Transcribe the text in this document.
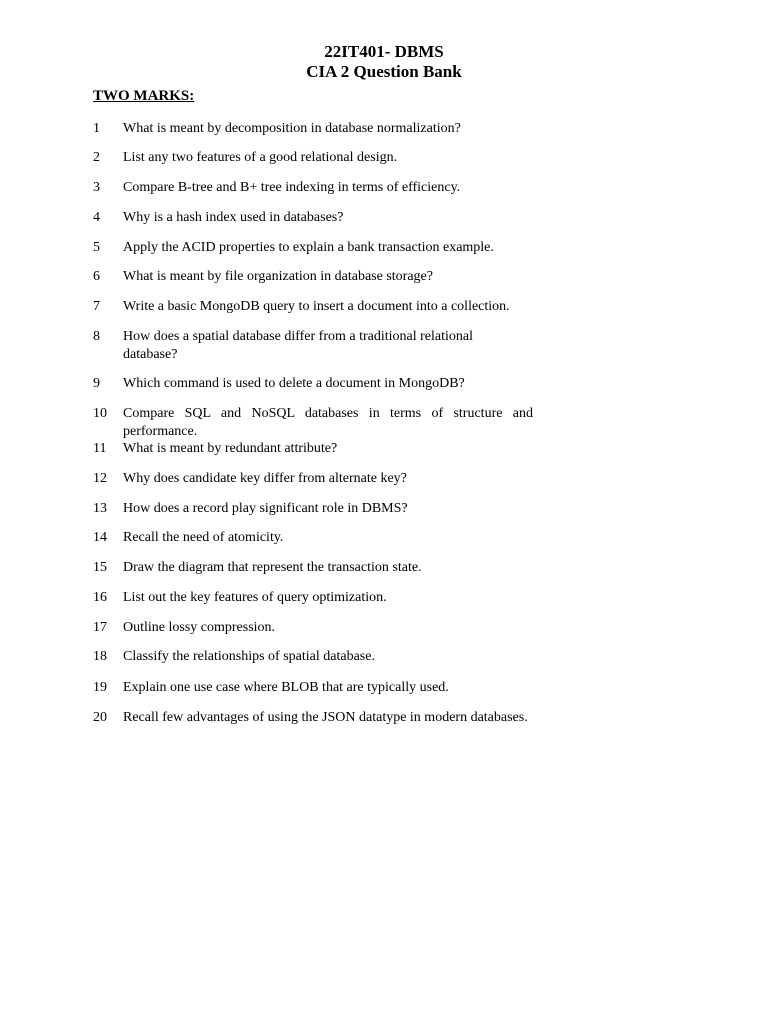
22IT401- DBMS
CIA 2 Question Bank
TWO MARKS:
1	What is meant by decomposition in database normalization?
2	List any two features of a good relational design.
3	Compare B-tree and B+ tree indexing in terms of efficiency.
4	Why is a hash index used in databases?
5	Apply the ACID properties to explain a bank transaction example.
6	What is meant by file organization in database storage?
7	Write a basic MongoDB query to insert a document into a collection.
8	How does a spatial database differ from a traditional relational database?
9	Which command is used to delete a document in MongoDB?
10	Compare SQL and NoSQL databases in terms of structure and performance.
11	What is meant by redundant attribute?
12	Why does candidate key differ from alternate key?
13	How does a record play significant role in DBMS?
14	Recall the need of atomicity.
15	Draw the diagram that represent the transaction state.
16	List out the key features of query optimization.
17	Outline lossy compression.
18	Classify the relationships of spatial database.
19	Explain one use case where BLOB that are typically used.
20	Recall few advantages of using the JSON datatype in modern databases.
